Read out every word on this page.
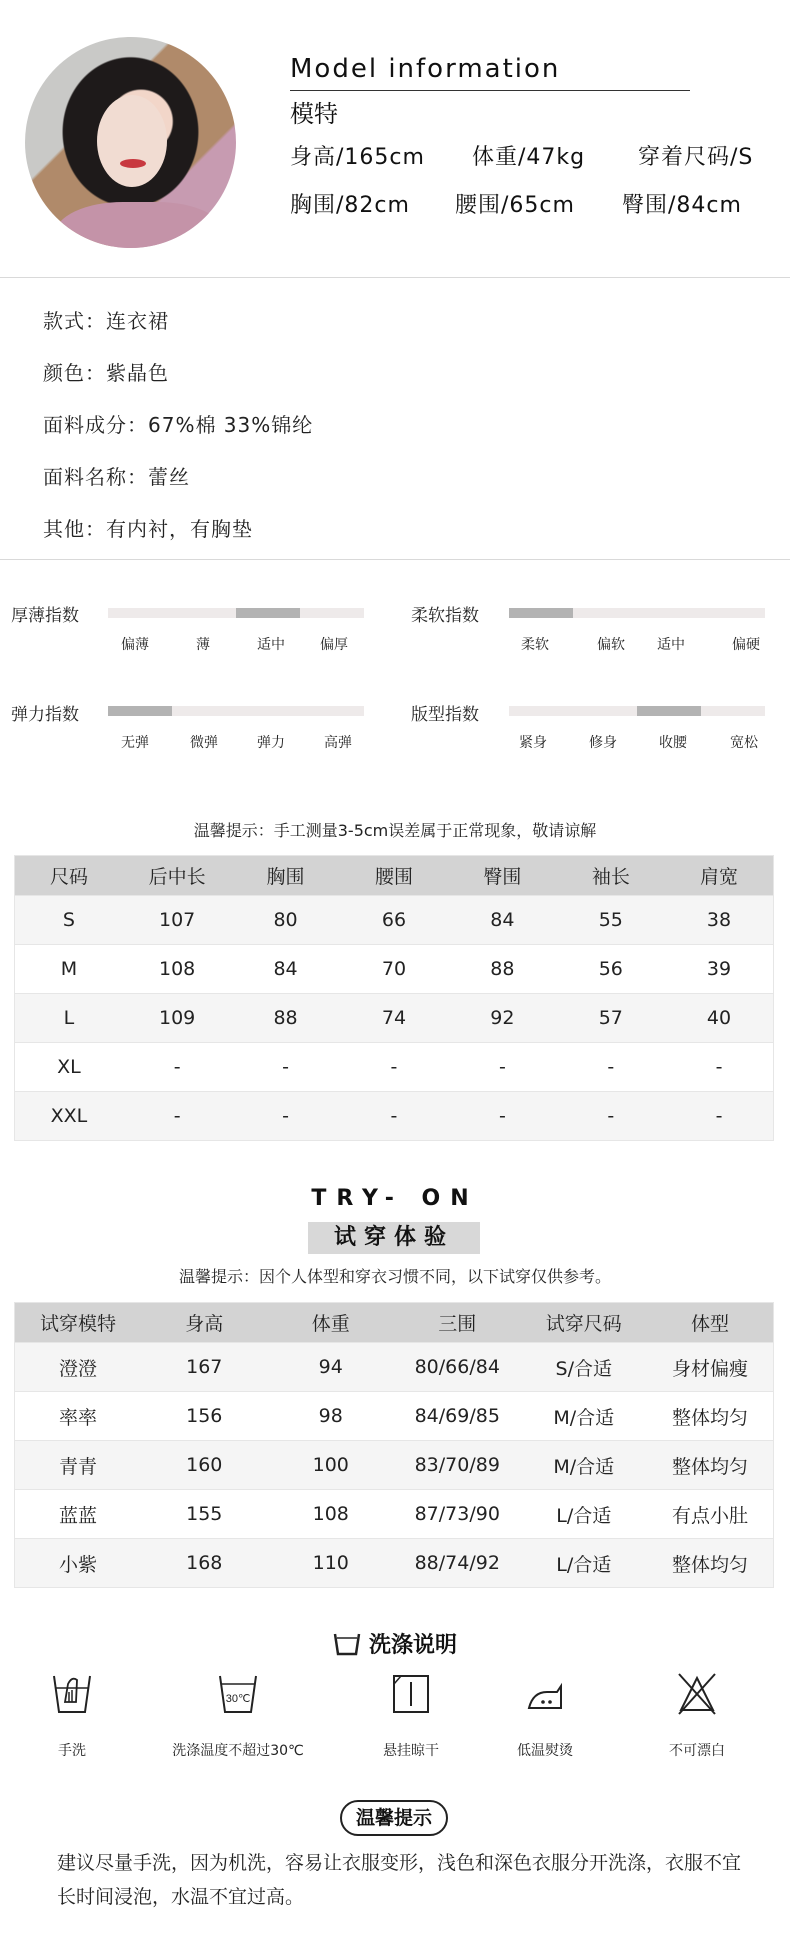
Model information
模特
身高/165cm 体重/47kg 穿着尺码/S
胸围/82cm 腰围/65cm 臀围/84cm
款式：连衣裙
颜色：紫晶色
面料成分：67%棉 33%锦纶
面料名称：蕾丝
其他：有内衬，有胸垫
厚薄指数
偏薄	薄	适中	偏厚
柔软指数
柔软	偏软 适中	偏硬
弹力指数
无弹	微弹	弹力	高弹
版型指数
紧身	修身	收腰	宽松
温馨提示：手工测量3-5cm误差属于正常现象，敬请谅解
尺码	后中长	胸围	腰围	臀围	袖长	肩宽
S	107	80	66	84	55	38
M	108	84	70	88	56	39
L	109	88	74	92	57	40
XL	-	-	-	-	-	-
XXL	-	-	-	-	-	-
TRY- ON
试穿体验
温馨提示：因个人体型和穿衣习惯不同，以下试穿仅供参考。
试穿模特	身高	体重	三围	试穿尺码	体型
澄澄	167	94	80/66/84	S/合适	身材偏瘦
率率	156	98	84/69/85	M/合适	整体均匀
青青	160	100	83/70/89	M/合适	整体均匀
蓝蓝	155	108	87/73/90	L/合适	有点小肚
小紫	168	110	88/74/92	L/合适	整体均匀
洗涤说明
手洗
30℃
洗涤温度不超过30℃	悬挂晾干	低温熨烫	不可漂白
温馨提示
建议尽量手洗，因为机洗，容易让衣服变形，浅色和深色衣服分开洗涤，衣服不宜长时间浸泡，水温不宜过高。
